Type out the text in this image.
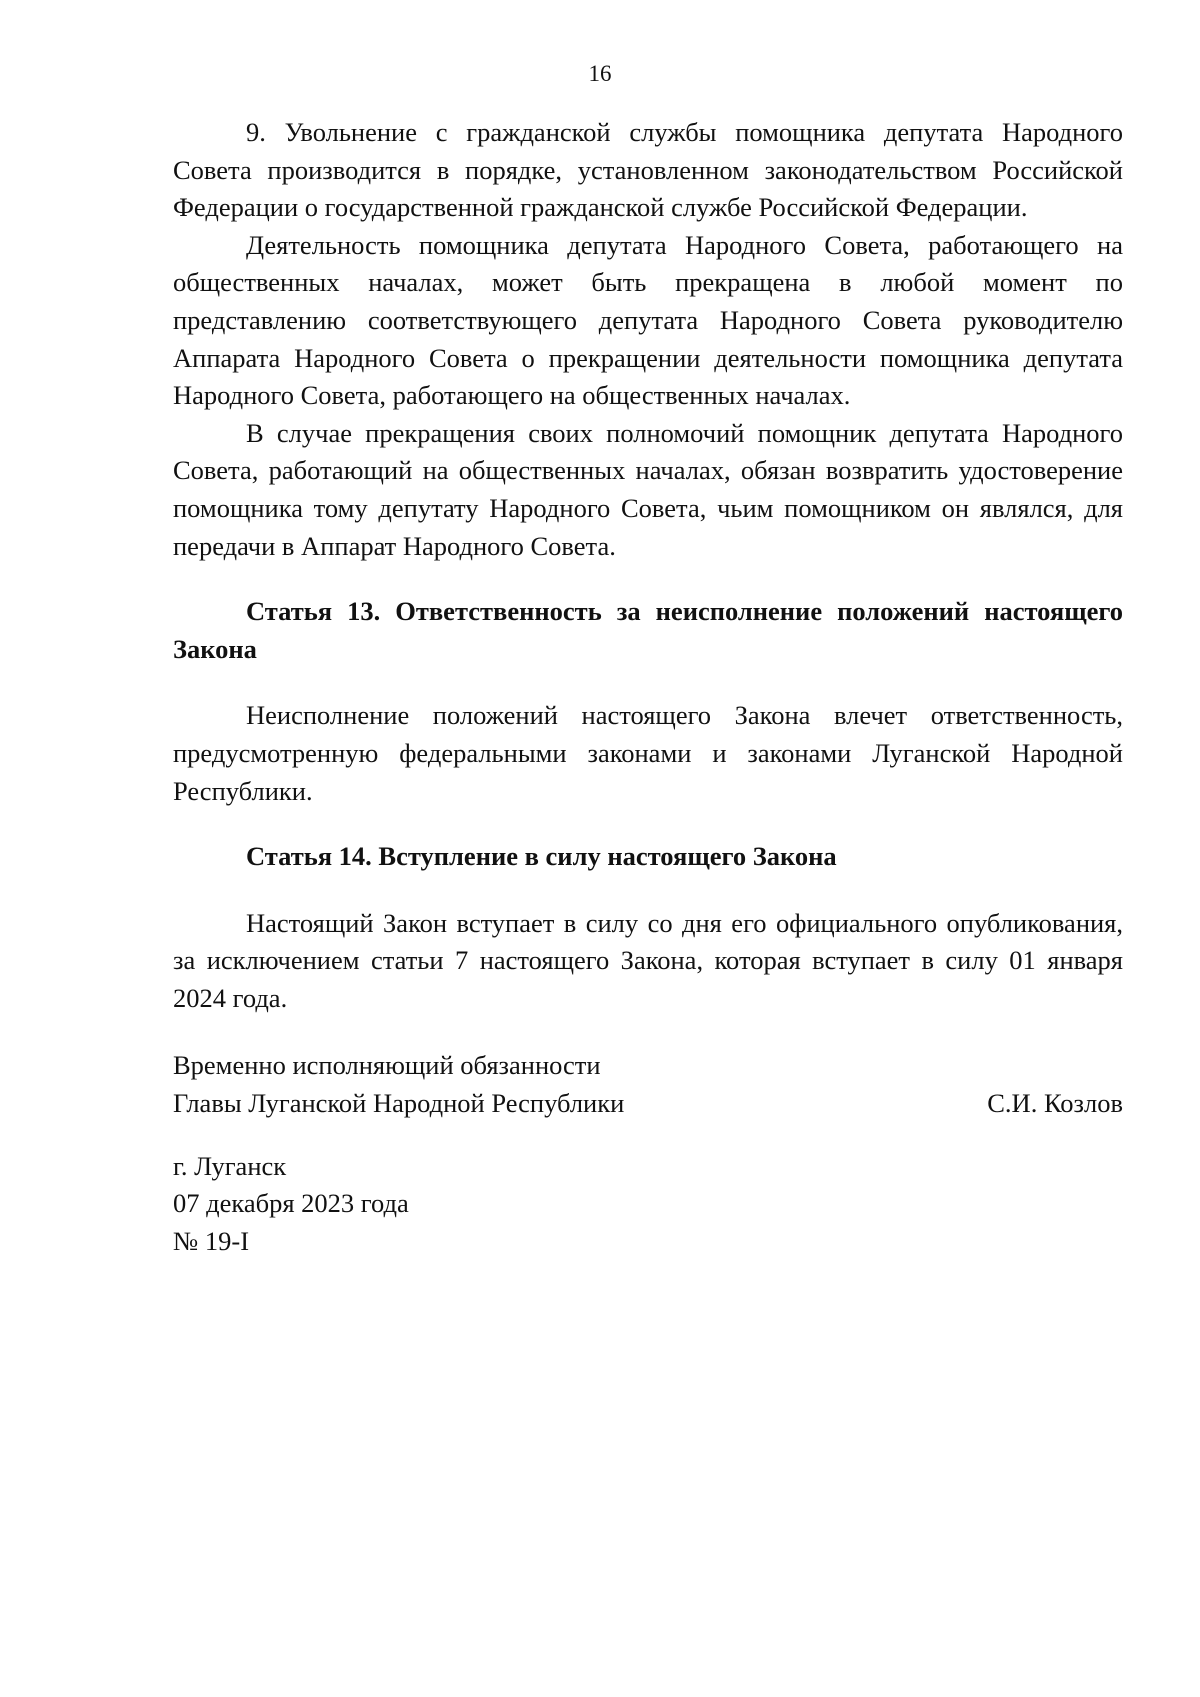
16

9. Увольнение с гражданской службы помощника депутата Народного Совета производится в порядке, установленном законодательством Российской Федерации о государственной гражданской службе Российской Федерации.

Деятельность помощника депутата Народного Совета, работающего на общественных началах, может быть прекращена в любой момент по представлению соответствующего депутата Народного Совета руководителю Аппарата Народного Совета о прекращении деятельности помощника депутата Народного Совета, работающего на общественных началах.

В случае прекращения своих полномочий помощник депутата Народного Совета, работающий на общественных началах, обязан возвратить удостоверение помощника тому депутату Народного Совета, чьим помощником он являлся, для передачи в Аппарат Народного Совета.

Статья 13. Ответственность за неисполнение положений настоящего Закона

Неисполнение положений настоящего Закона влечет ответственность, предусмотренную федеральными законами и законами Луганской Народной Республики.

Статья 14. Вступление в силу настоящего Закона

Настоящий Закон вступает в силу со дня его официального опубликования, за исключением статьи 7 настоящего Закона, которая вступает в силу 01 января 2024 года.

Временно исполняющий обязанности
Главы Луганской Народной Республики	С.И. Козлов
г. Луганск
07 декабря 2023 года
№ 19-I
